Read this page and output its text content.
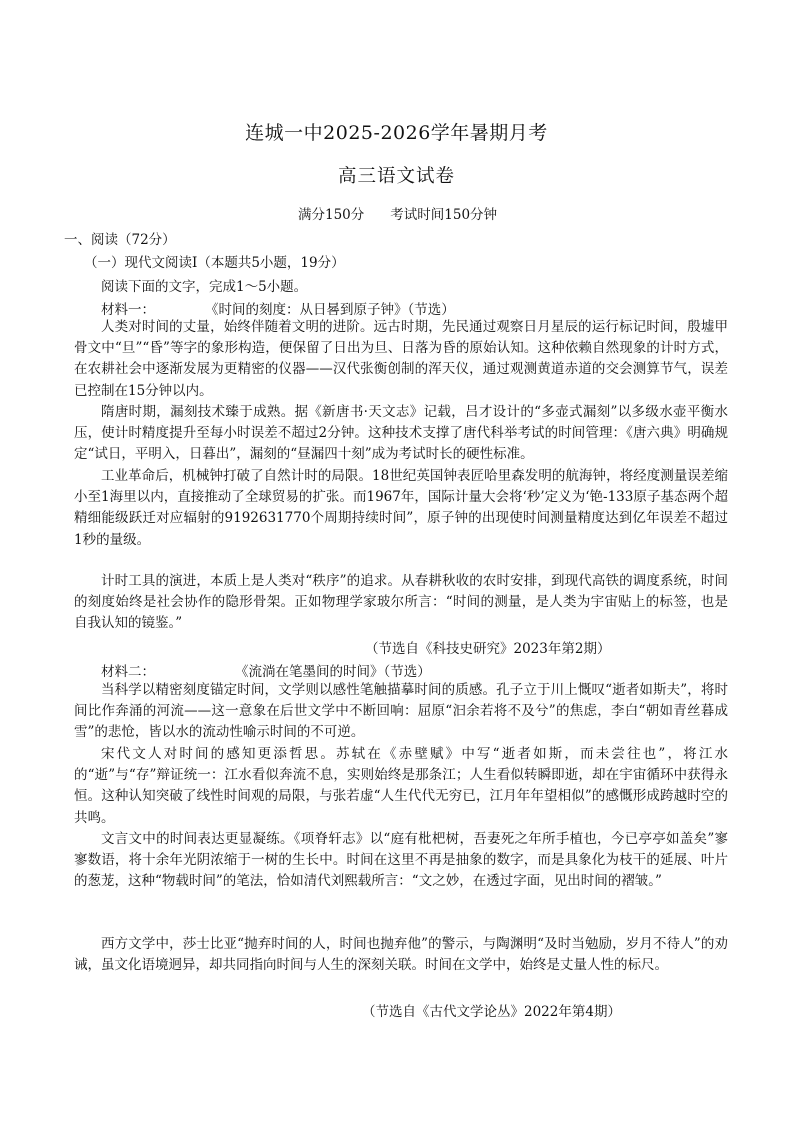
连城一中2025-2026学年暑期月考
高三语文试卷
满分150分 考试时间150分钟
一、阅读（72分）
（一）现代文阅读Ⅰ（本题共5小题，19分）
阅读下面的文字，完成1～5小题。
材料一：	《时间的刻度：从日晷到原子钟》（节选）
人类对时间的丈量，始终伴随着文明的进阶。远古时期，先民通过观察日月星辰的运行标记时间，殷墟甲骨文中“旦”“昏”等字的象形构造，便保留了日出为旦、日落为昏的原始认知。这种依赖自然现象的计时方式，在农耕社会中逐渐发展为更精密的仪器——汉代张衡创制的浑天仪，通过观测黄道赤道的交会测算节气，误差已控制在15分钟以内。
隋唐时期，漏刻技术臻于成熟。据《新唐书·天文志》记载，吕才设计的“多壶式漏刻”以多级水壶平衡水压，使计时精度提升至每小时误差不超过2分钟。这种技术支撑了唐代科举考试的时间管理：《唐六典》明确规定“试日，平明入，日暮出”，漏刻的“昼漏四十刻”成为考试时长的硬性标准。
工业革命后，机械钟打破了自然计时的局限。18世纪英国钟表匠哈里森发明的航海钟，将经度测量误差缩小至1海里以内，直接推动了全球贸易的扩张。而1967年，国际计量大会将‘秒’定义为‘铯-133原子基态两个超精细能级跃迁对应辐射的9192631770个周期持续时间”，原子钟的出现使时间测量精度达到亿年误差不超过1秒的量级。
计时工具的演进，本质上是人类对“秩序”的追求。从春耕秋收的农时安排，到现代高铁的调度系统，时间的刻度始终是社会协作的隐形骨架。正如物理学家玻尔所言：“时间的测量，是人类为宇宙贴上的标签，也是自我认知的镜鉴。”
（节选自《科技史研究》2023年第2期）
材料二：	《流淌在笔墨间的时间》（节选）
当科学以精密刻度锚定时间，文学则以感性笔触描摹时间的质感。孔子立于川上慨叹“逝者如斯夫”，将时间比作奔涌的河流——这一意象在后世文学中不断回响：屈原“汩余若将不及兮”的焦虑，李白“朝如青丝暮成雪”的悲怆，皆以水的流动性喻示时间的不可逆。
宋代文人对时间的感知更添哲思。苏轼在《赤壁赋》中写“逝者如斯，而未尝往也”，将江水的“逝”与“存”辩证统一：江水看似奔流不息，实则始终是那条江；人生看似转瞬即逝，却在宇宙循环中获得永恒。这种认知突破了线性时间观的局限，与张若虚“人生代代无穷已，江月年年望相似”的感慨形成跨越时空的共鸣。
文言文中的时间表达更显凝练。《项脊轩志》以“庭有枇杷树，吾妻死之年所手植也，今已亭亭如盖矣”寥寥数语，将十余年光阴浓缩于一树的生长中。时间在这里不再是抽象的数字，而是具象化为枝干的延展、叶片的葱茏，这种“物载时间”的笔法，恰如清代刘熙载所言：“文之妙，在透过字面，见出时间的褶皱。”
西方文学中，莎士比亚“抛弃时间的人，时间也抛弃他”的警示，与陶渊明“及时当勉励，岁月不待人”的劝诫，虽文化语境迥异，却共同指向时间与人生的深刻关联。时间在文学中，始终是丈量人性的标尺。
（节选自《古代文学论丛》2022年第4期）
